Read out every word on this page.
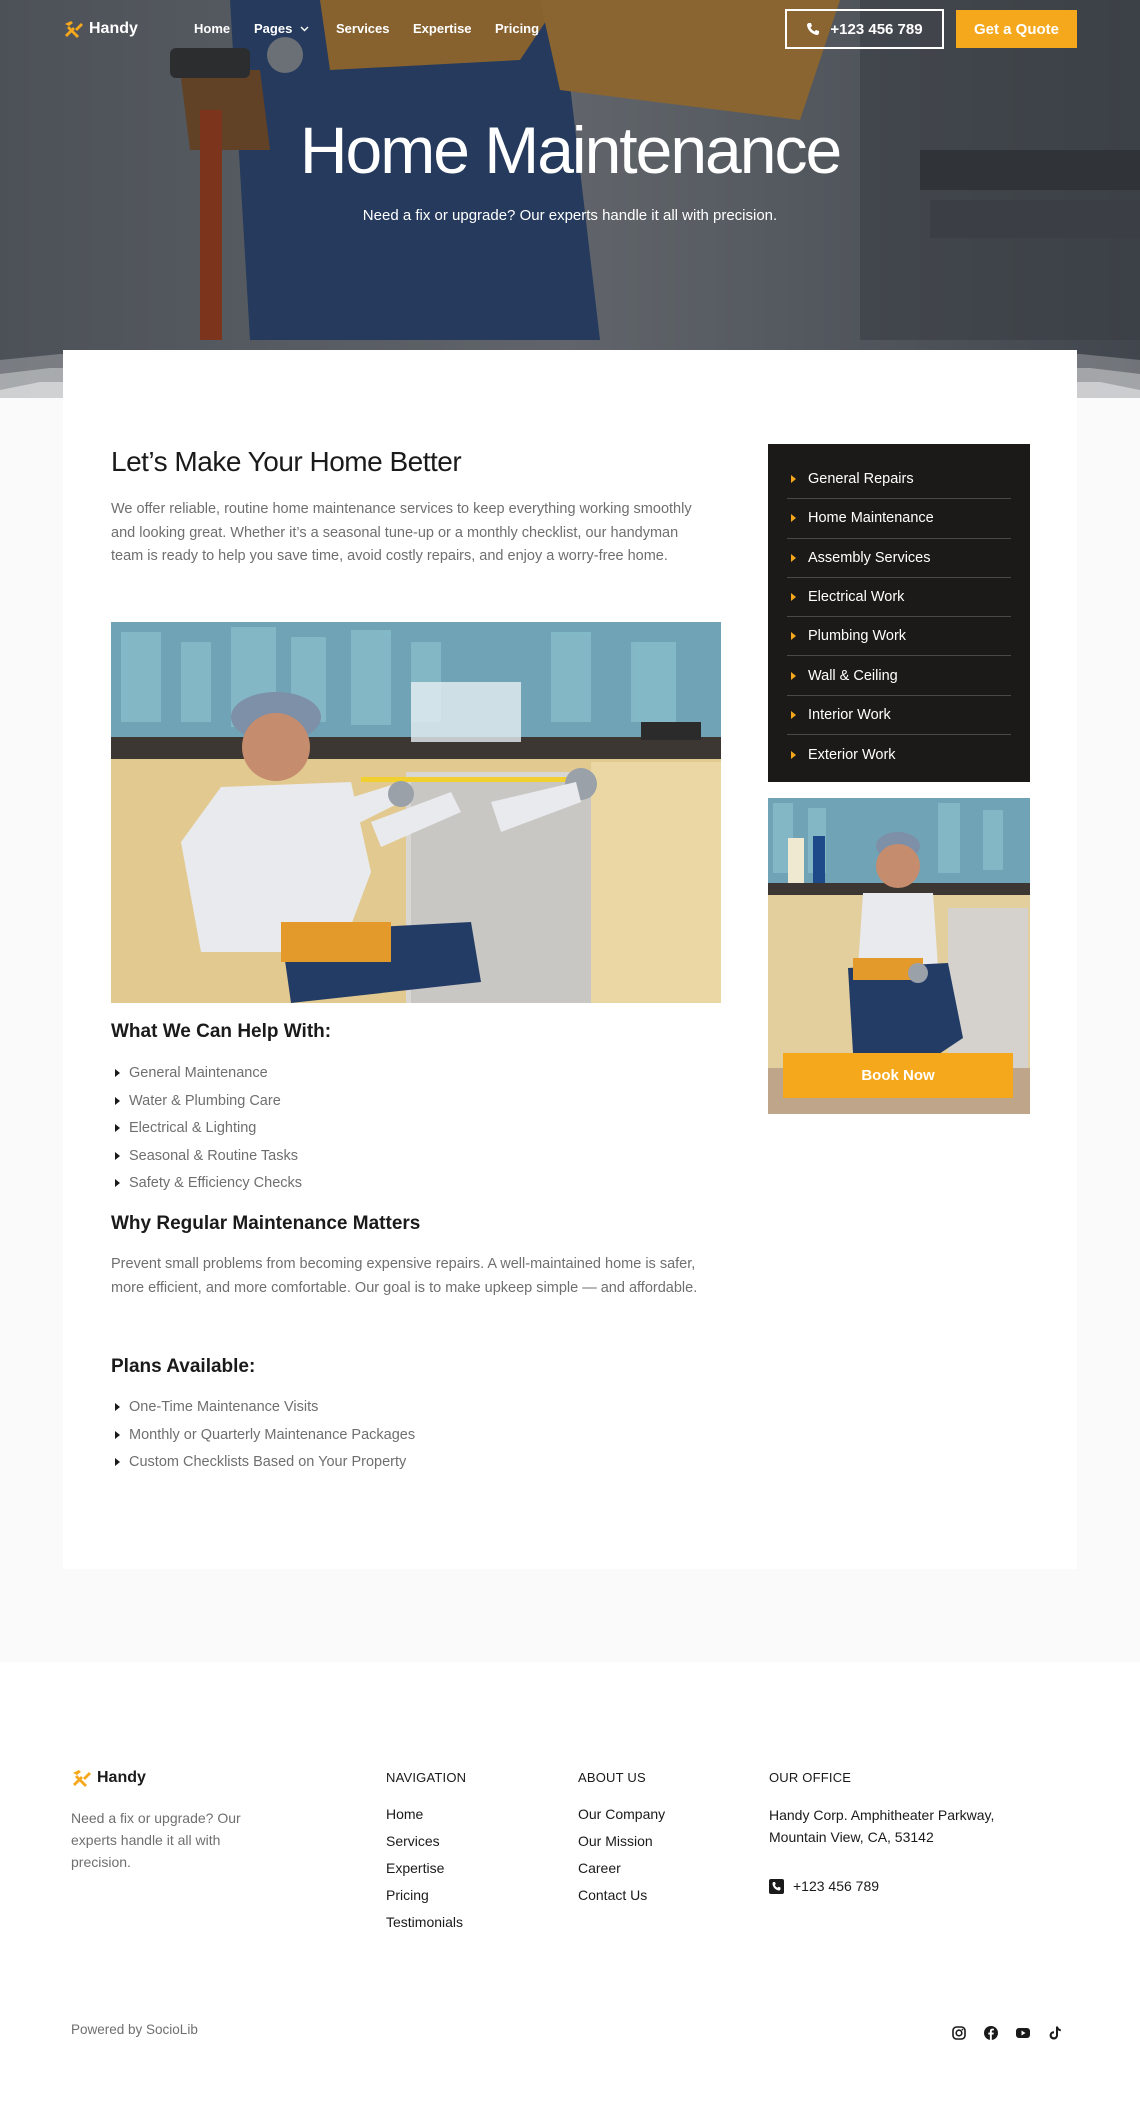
Handy	Home Pages	Services Expertise Pricing	+123 456 789	Get a Quote
Home Maintenance
Need a fix or upgrade? Our experts handle it all with precision.
Let’s Make Your Home Better

We offer reliable, routine home maintenance services to keep everything working smoothly and looking great. Whether it’s a seasonal tune-up or a monthly checklist, our handyman team is ready to help you save time, avoid costly repairs, and enjoy a worry-free home.

What We Can Help With:
General Maintenance
Water & Plumbing Care
Electrical & Lighting
Seasonal & Routine Tasks
Safety & Efficiency Checks
Why Regular Maintenance Matters

Prevent small problems from becoming expensive repairs. A well-maintained home is safer, more efficient, and more comfortable. Our goal is to make upkeep simple — and affordable.

Plans Available:
One-Time Maintenance Visits
Monthly or Quarterly Maintenance Packages
Custom Checklists Based on Your Property
General Repairs
Home Maintenance
Assembly Services
Electrical Work
Plumbing Work
Wall & Ceiling
Interior Work
Exterior Work
Book Now
Handy

Need a fix or upgrade? Our experts handle it all with precision.

NAVIGATION
Home
Services
Expertise
Pricing
Testimonials
ABOUT US
Our Company
Our Mission
Career
Contact Us
OUR OFFICE

Handy Corp. Amphitheater Parkway, Mountain View, CA, 53142

+123 456 789
Powered by SocioLib
